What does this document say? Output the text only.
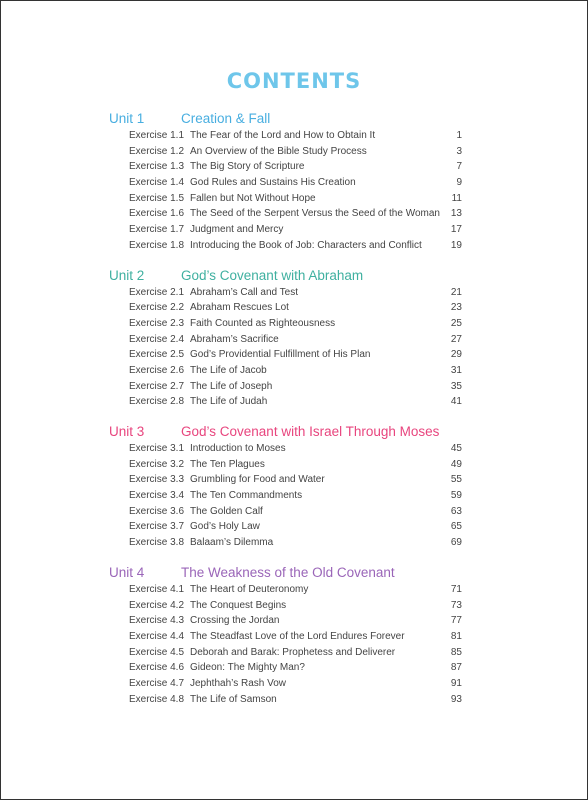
CONTENTS
Unit 1	Creation & Fall
Exercise 1.1 The Fear of the Lord and How to Obtain It	1
Exercise 1.2 An Overview of the Bible Study Process	3
Exercise 1.3 The Big Story of Scripture	7
Exercise 1.4 God Rules and Sustains His Creation	9
Exercise 1.5 Fallen but Not Without Hope	11
Exercise 1.6 The Seed of the Serpent Versus the Seed of the Woman 13
Exercise 1.7 Judgment and Mercy	17
Exercise 1.8 Introducing the Book of Job: Characters and Conflict	19
Unit 2	God’s Covenant with Abraham
Exercise 2.1 Abraham’s Call and Test	21
Exercise 2.2 Abraham Rescues Lot	23
Exercise 2.3 Faith Counted as Righteousness	25
Exercise 2.4 Abraham’s Sacrifice	27
Exercise 2.5 God’s Providential Fulfillment of His Plan	29
Exercise 2.6 The Life of Jacob	31
Exercise 2.7 The Life of Joseph	35
Exercise 2.8 The Life of Judah	41
Unit 3	God’s Covenant with Israel Through Moses
Exercise 3.1 Introduction to Moses	45
Exercise 3.2 The Ten Plagues	49
Exercise 3.3 Grumbling for Food and Water	55
Exercise 3.4 The Ten Commandments	59
Exercise 3.6 The Golden Calf	63
Exercise 3.7 God’s Holy Law	65
Exercise 3.8 Balaam’s Dilemma	69
Unit 4	The Weakness of the Old Covenant
Exercise 4.1 The Heart of Deuteronomy	71
Exercise 4.2 The Conquest Begins	73
Exercise 4.3 Crossing the Jordan	77
Exercise 4.4 The Steadfast Love of the Lord Endures Forever	81
Exercise 4.5 Deborah and Barak: Prophetess and Deliverer	85
Exercise 4.6 Gideon: The Mighty Man?	87
Exercise 4.7 Jephthah’s Rash Vow	91
Exercise 4.8 The Life of Samson	93
